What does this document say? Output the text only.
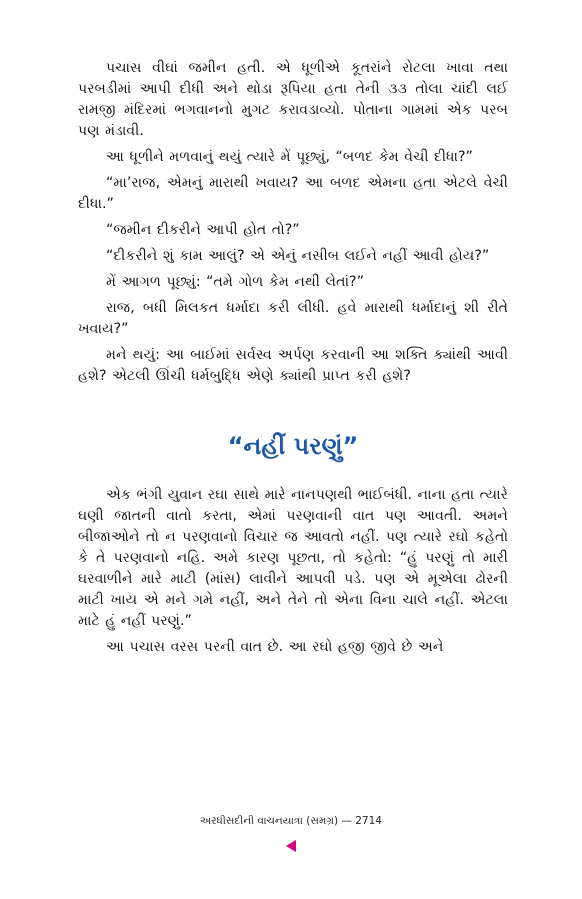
પચાસ વીઘાં જમીન હતી. એ ધૂળીએ કૂતરાંને રોટલા ખાવા તથા પરબડીમાં આપી દીધી અને થોડા રૂપિયા હતા તેની ૩૩ તોલા ચાંદી લઈ રામજી મંદિરમાં ભગવાનનો મુગટ કરાવડાવ્યો. પોતાના ગામમાં એક પરબ પણ મંડાવી.

આ ધૂળીને મળવાનું થયું ત્યારે મેં પૂછ્યું, “બળદ કેમ વેચી દીધા?”

“મા’રાજ, એમનું મારાથી ખવાય? આ બળદ એમના હતા એટલે વેચી દીધા.”

“જમીન દીકરીને આપી હોત તો?”

“દીકરીને શું કામ આલું? એ એનું નસીબ લઈને નહીં આવી હોય?”

મેં આગળ પૂછ્યું: “તમે ગોળ કેમ નથી લેતાં?”

રાજ, બધી મિલકત ધર્માદા કરી લીધી. હવે મારાથી ધર્માદાનું શી રીતે ખવાય?”

મને થયું: આ બાઈમાં સર્વસ્વ અર્પણ કરવાની આ શક્તિ ક્યાંથી આવી હશે? એટલી ઊંચી ધર્મબુદ્ધિ એણે ક્યાંથી પ્રાપ્ત કરી હશે?

“નહીં પરણું”

એક ભંગી યુવાન રઘા સાથે મારે નાનપણથી ભાઈબંધી. નાના હતા ત્યારે ઘણી જાતની વાતો કરતા, એમાં પરણવાની વાત પણ આવતી. અમને બીજાઓને તો ન પરણવાનો વિચાર જ આવતો નહીં. પણ ત્યારે રઘો કહેતો કે તે પરણવાનો નહિ. અમે કારણ પૂછતા, તો કહેતો: “હું પરણું તો મારી ઘરવાળીને મારે માટી (માંસ) લાવીને આપવી પડે. પણ એ મૂએલા ઢોરની માટી ખાય એ મને ગમે નહીં, અને તેને તો એના વિના ચાલે નહીં. એટલા માટે હું નહીં પરણું.”

આ પચાસ વરસ પરની વાત છે. આ રઘો હજી જીવે છે અને

અરધીસદીની વાચનયાત્રા (સમગ્ર) — 2714
